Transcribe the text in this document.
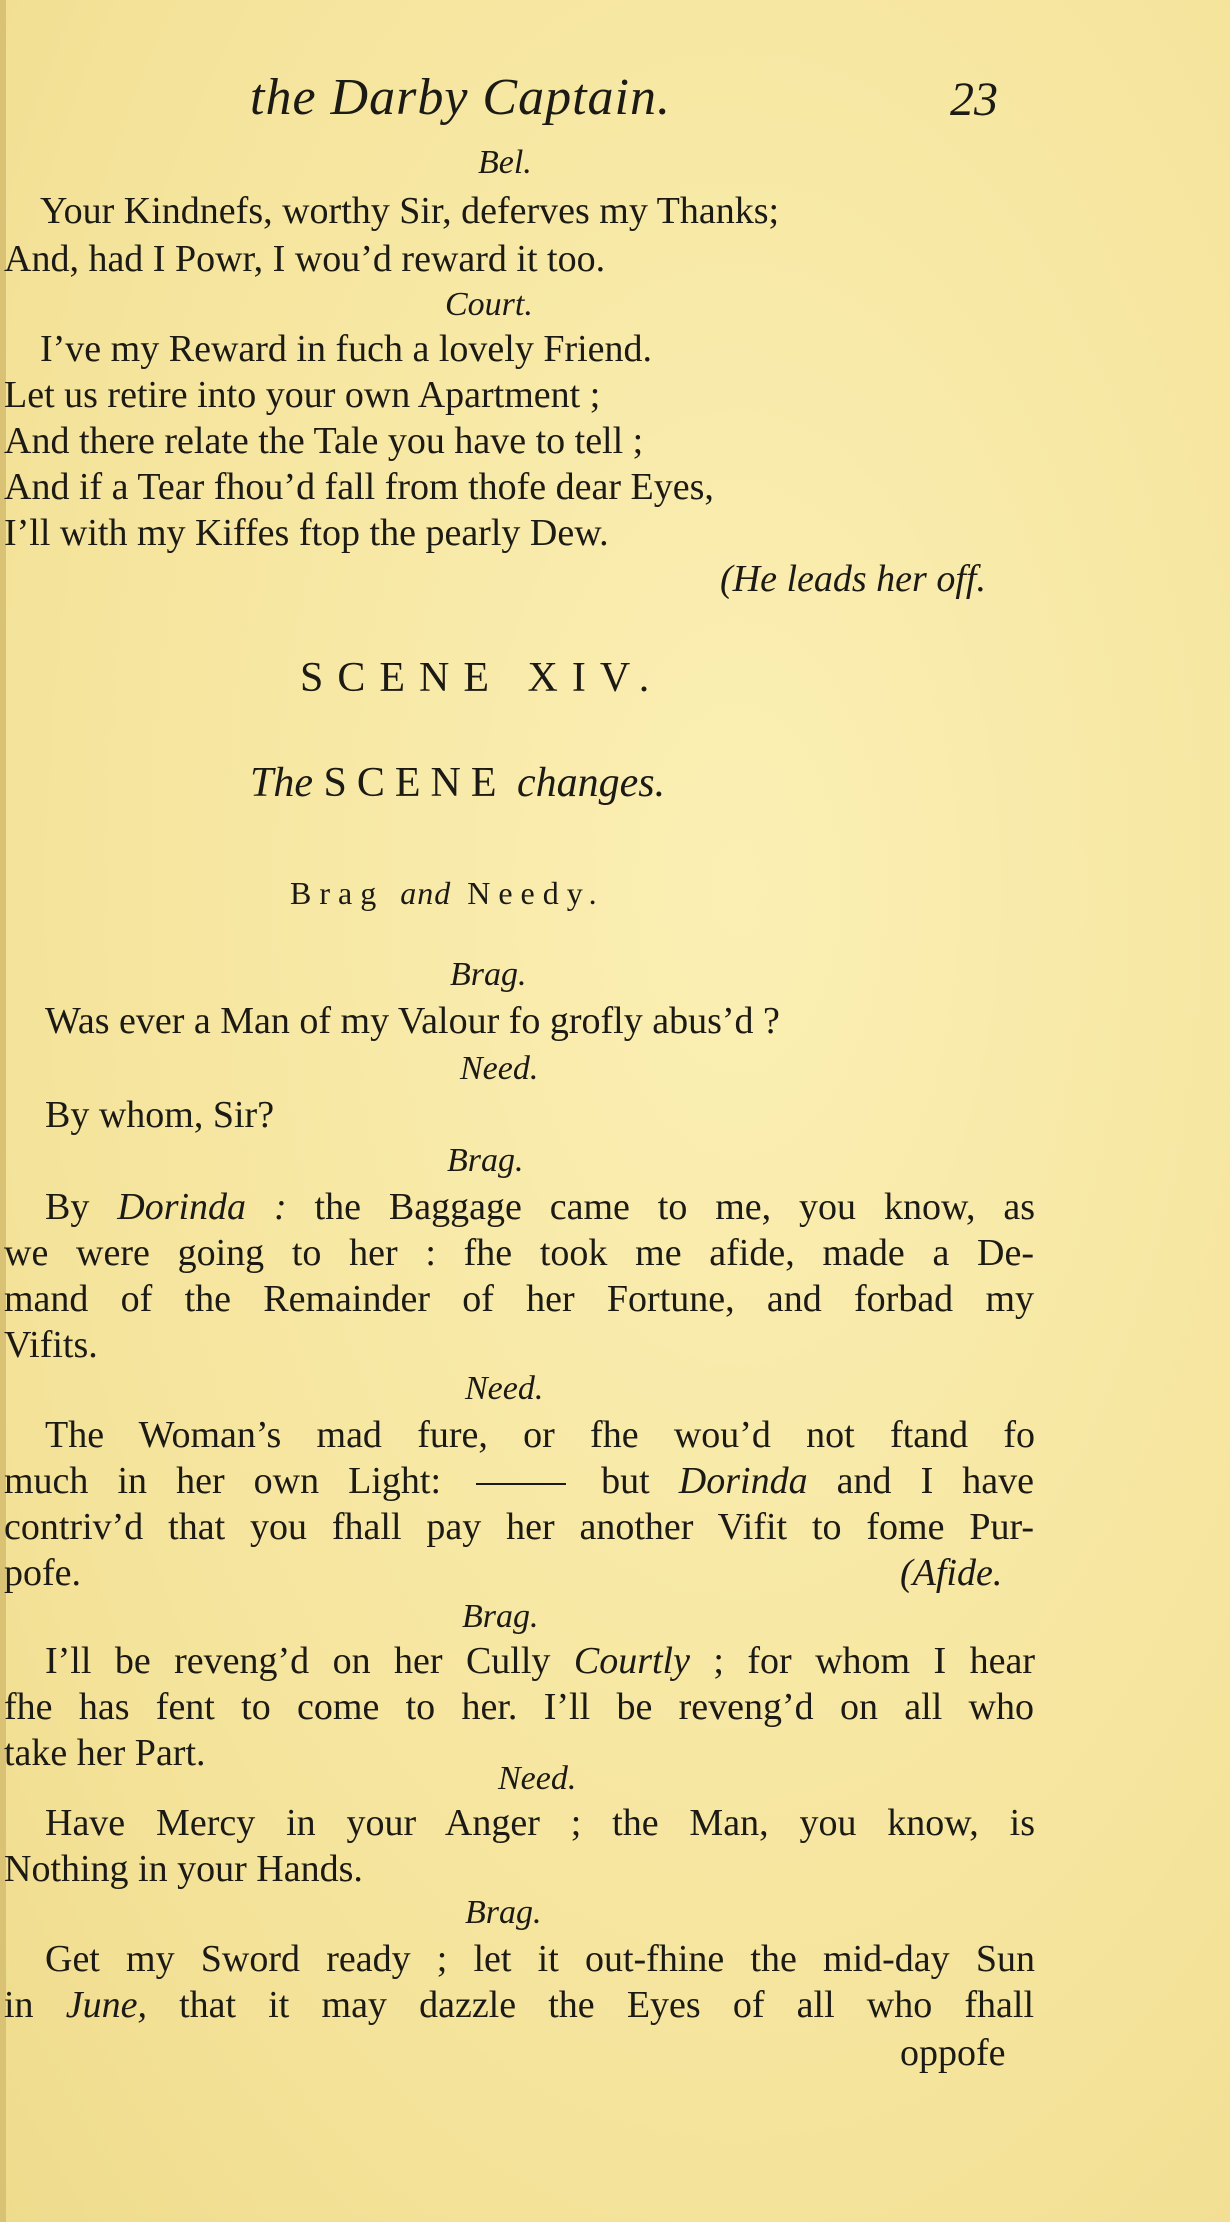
the Darby Captain.	23
Bel.
Your Kindnefs, worthy Sir, deferves my Thanks;
And, had I Powr, I wou’d reward it too.
Court.
I’ve my Reward in fuch a lovely Friend.
Let us retire into your own Apartment ;
And there relate the Tale you have to tell ;
And if a Tear fhou’d fall from thofe dear Eyes,
I’ll with my Kiffes ftop the pearly Dew.
(He leads her off.
SCENE XIV.
The SCENE changes.
Brag and Needy.
Brag.
Was ever a Man of my Valour fo grofly abus’d ?
Need.
By whom, Sir?
Brag.
By Dorinda : the Baggage came to me, you know, as
we were going to her : fhe took me afide, made a De-
mand of the Remainder of her Fortune, and forbad my
Vifits.
Need.
The Woman’s mad fure, or fhe wou’d not ftand fo
much in her own Light:	but Dorinda and I have
contriv’d that you fhall pay her another Vifit to fome Pur-
pofe.	(Afide.
Brag.
I’ll be reveng’d on her Cully Courtly ; for whom I hear
fhe has fent to come to her. I’ll be reveng’d on all who
take her Part.
Need.
Have Mercy in your Anger ; the Man, you know, is
Nothing in your Hands.
Brag.
Get my Sword ready ; let it out-fhine the mid-day Sun
in June, that it may dazzle the Eyes of all who fhall
oppofe
